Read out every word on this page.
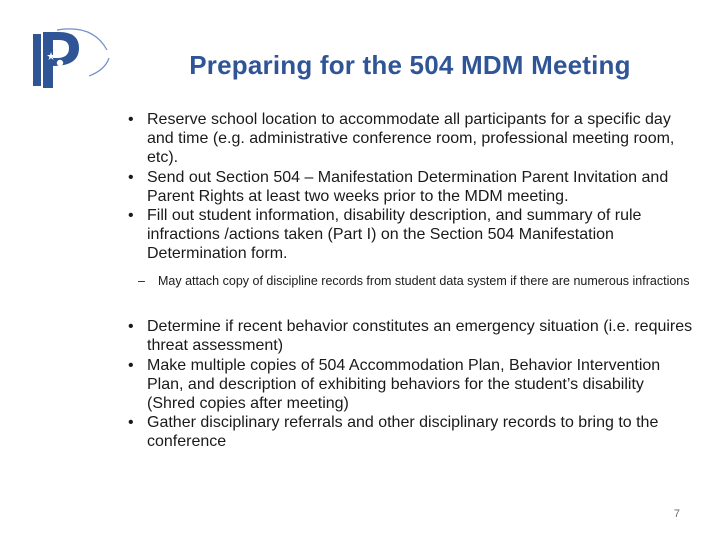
Preparing for the 504 MDM Meeting
• Reserve school location to accommodate all participants for a specific day and time (e.g. administrative conference room, professional meeting room, etc).
• Send out Section 504 – Manifestation Determination Parent Invitation and Parent Rights at least two weeks prior to the MDM meeting.
• Fill out student information, disability description, and summary of rule infractions /actions taken (Part I) on the Section 504 Manifestation Determination form.
– May attach copy of discipline records from student data system if there are numerous infractions
• Determine if recent behavior constitutes an emergency situation (i.e. requires threat assessment)
• Make multiple copies of 504 Accommodation Plan, Behavior Intervention Plan, and description of exhibiting behaviors for the student’s disability (Shred copies after meeting)
• Gather disciplinary referrals and other disciplinary records to bring to the conference
7
